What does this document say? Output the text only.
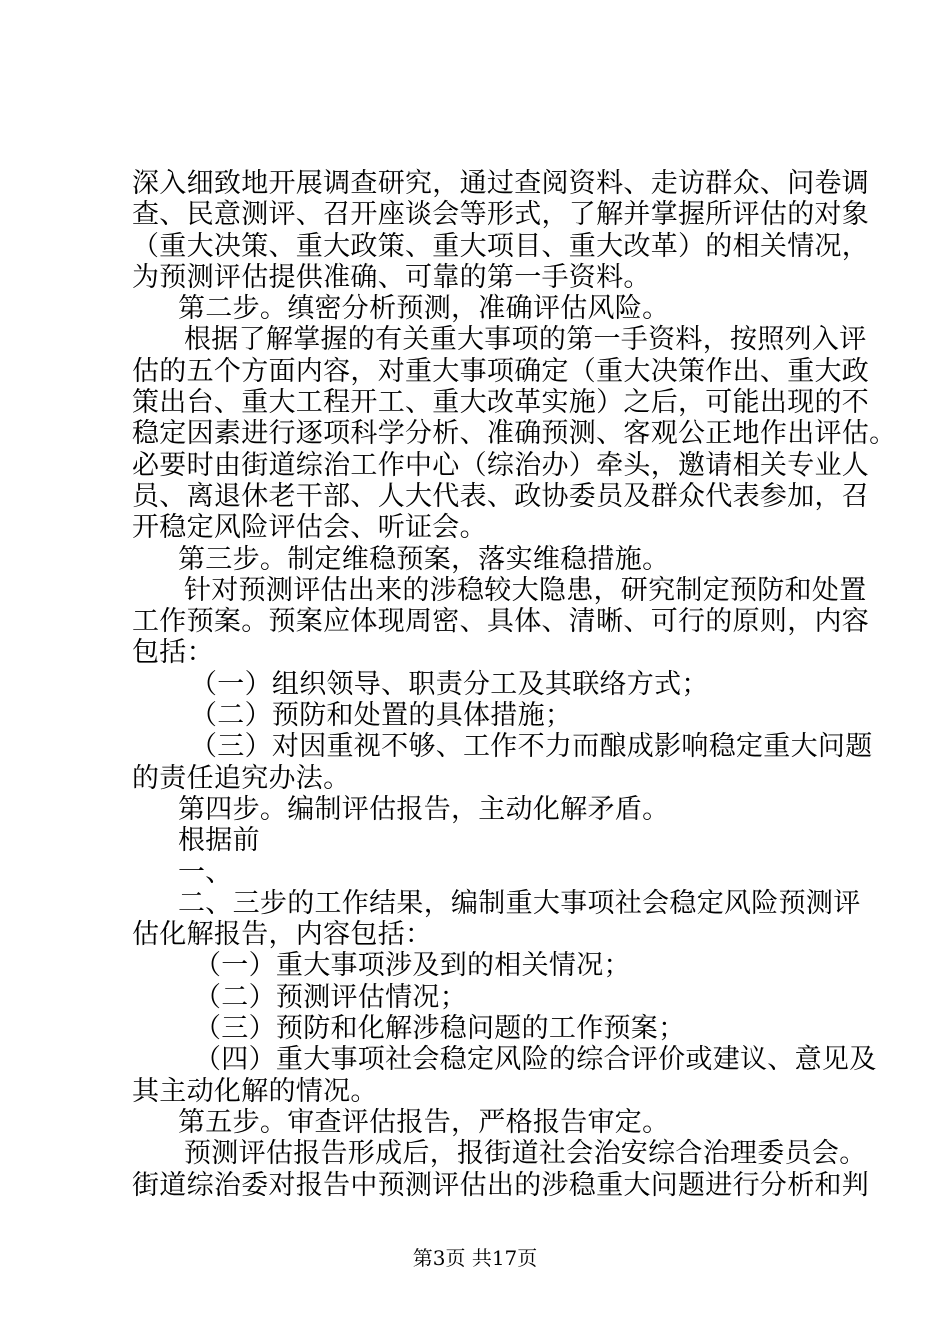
深入细致地开展调查研究，通过查阅资料、走访群众、问卷调
查、民意测评、召开座谈会等形式，了解并掌握所评估的对象
（重大决策、重大政策、重大项目、重大改革）的相关情况，
为预测评估提供准确、可靠的第一手资料。
第二步。缜密分析预测，准确评估风险。
根据了解掌握的有关重大事项的第一手资料，按照列入评
估的五个方面内容，对重大事项确定（重大决策作出、重大政
策出台、重大工程开工、重大改革实施）之后，可能出现的不
稳定因素进行逐项科学分析、准确预测、客观公正地作出评估。
必要时由街道综治工作中心（综治办）牵头，邀请相关专业人
员、离退休老干部、人大代表、政协委员及群众代表参加，召
开稳定风险评估会、听证会。
第三步。制定维稳预案，落实维稳措施。
针对预测评估出来的涉稳较大隐患，研究制定预防和处置
工作预案。预案应体现周密、具体、清晰、可行的原则，内容
包括：
（一）组织领导、职责分工及其联络方式；
（二）预防和处置的具体措施；
（三）对因重视不够、工作不力而酿成影响稳定重大问题
的责任追究办法。
第四步。编制评估报告，主动化解矛盾。
根据前
一、
二、三步的工作结果，编制重大事项社会稳定风险预测评
估化解报告，内容包括：
（一）重大事项涉及到的相关情况；
（二）预测评估情况；
（三）预防和化解涉稳问题的工作预案；
（四）重大事项社会稳定风险的综合评价或建议、意见及
其主动化解的情况。
第五步。审查评估报告，严格报告审定。
预测评估报告形成后，报街道社会治安综合治理委员会。
街道综治委对报告中预测评估出的涉稳重大问题进行分析和判
第3页 共17页
